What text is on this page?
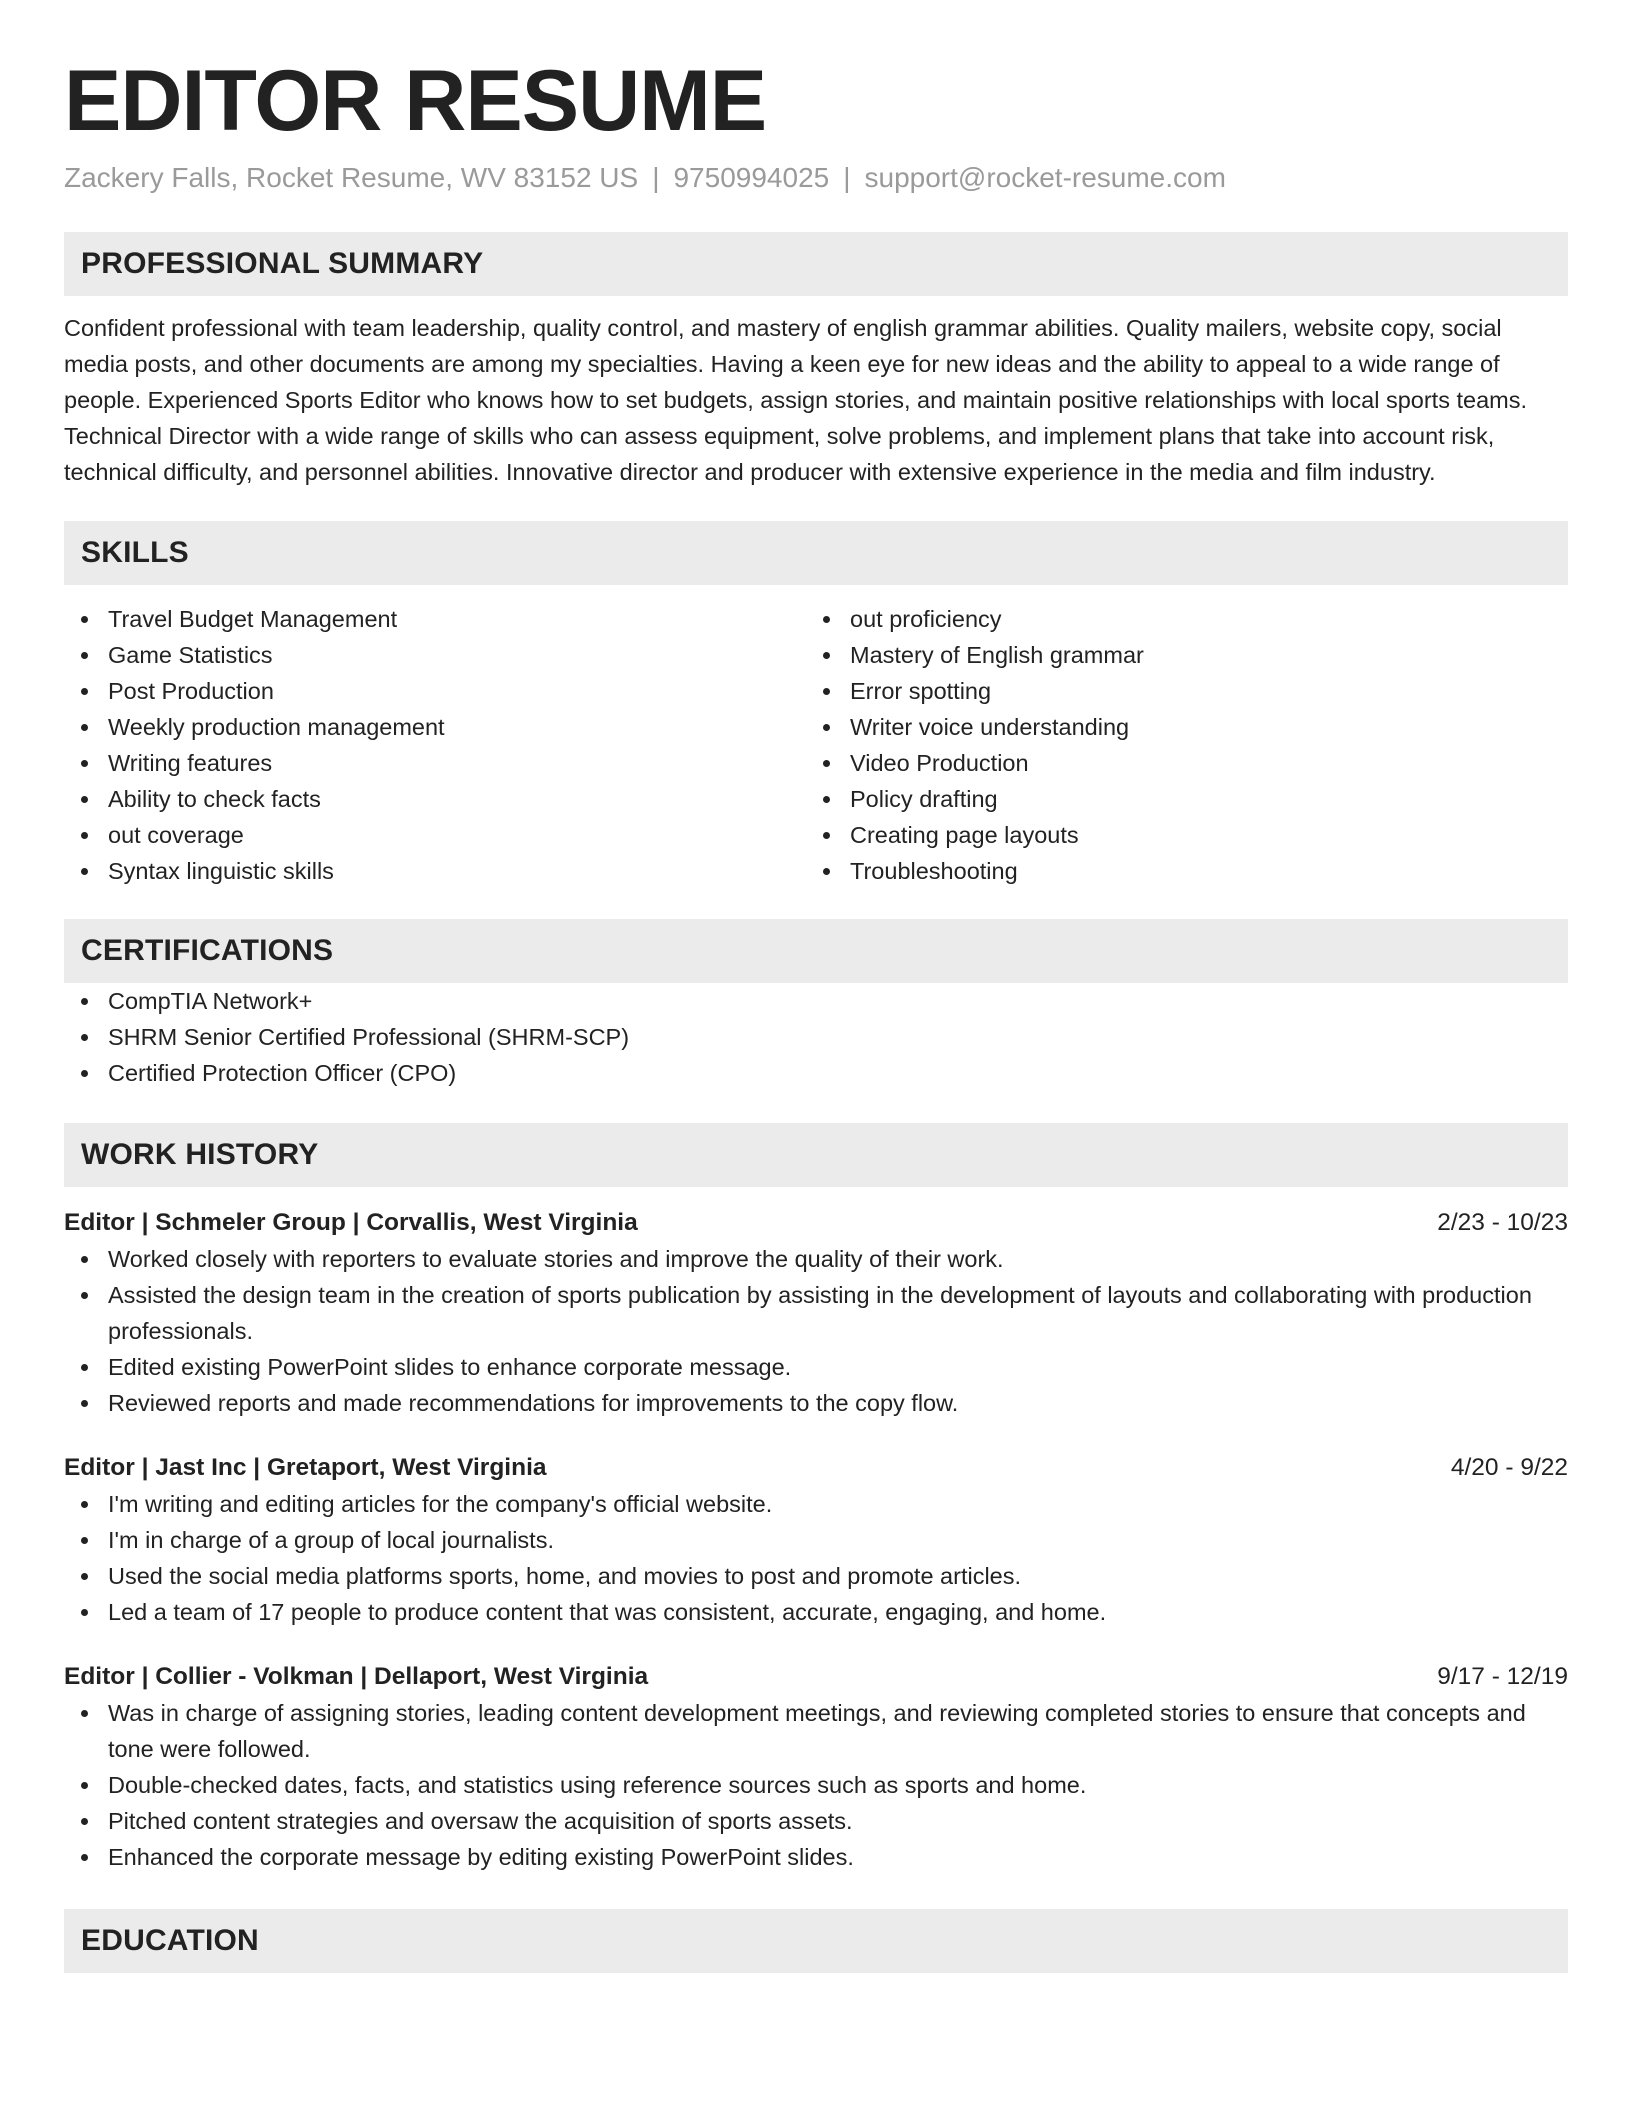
EDITOR RESUME
Zackery Falls, Rocket Resume, WV 83152 US | 9750994025 | support@rocket-resume.com
PROFESSIONAL SUMMARY

Confident professional with team leadership, quality control, and mastery of english grammar abilities. Quality mailers, website copy, social media posts, and other documents are among my specialties. Having a keen eye for new ideas and the ability to appeal to a wide range of people. Experienced Sports Editor who knows how to set budgets, assign stories, and maintain positive relationships with local sports teams. Technical Director with a wide range of skills who can assess equipment, solve problems, and implement plans that take into account risk, technical difficulty, and personnel abilities. Innovative director and producer with extensive experience in the media and film industry.

SKILLS
Travel Budget Management
Game Statistics
Post Production
Weekly production management
Writing features
Ability to check facts
out coverage
Syntax linguistic skills
out proficiency
Mastery of English grammar
Error spotting
Writer voice understanding
Video Production
Policy drafting
Creating page layouts
Troubleshooting
CERTIFICATIONS
CompTIA Network+
SHRM Senior Certified Professional (SHRM-SCP)
Certified Protection Officer (CPO)
WORK HISTORY
Editor | Schmeler Group | Corvallis, West Virginia	2/23 - 10/23
Worked closely with reporters to evaluate stories and improve the quality of their work.
Assisted the design team in the creation of sports publication by assisting in the development of layouts and collaborating with production professionals.
Edited existing PowerPoint slides to enhance corporate message.
Reviewed reports and made recommendations for improvements to the copy flow.
Editor | Jast Inc | Gretaport, West Virginia	4/20 - 9/22
I'm writing and editing articles for the company's official website.
I'm in charge of a group of local journalists.
Used the social media platforms sports, home, and movies to post and promote articles.
Led a team of 17 people to produce content that was consistent, accurate, engaging, and home.
Editor | Collier - Volkman | Dellaport, West Virginia	9/17 - 12/19
Was in charge of assigning stories, leading content development meetings, and reviewing completed stories to ensure that concepts and tone were followed.
Double-checked dates, facts, and statistics using reference sources such as sports and home.
Pitched content strategies and oversaw the acquisition of sports assets.
Enhanced the corporate message by editing existing PowerPoint slides.
EDUCATION
